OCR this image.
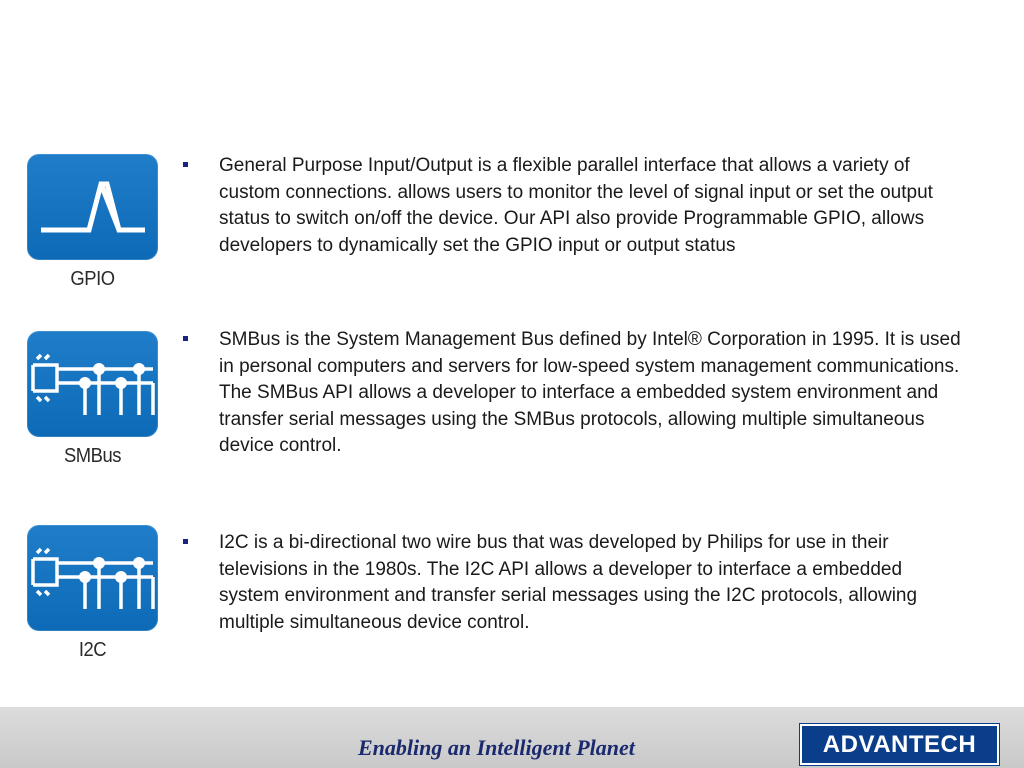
GPIO
SMBus
I2C
General Purpose Input/Output is a flexible parallel interface that allows a variety of custom connections. allows users to monitor the level of signal input or set the output status to switch on/off the device. Our API also provide Programmable GPIO, allows developers to dynamically set the GPIO input or output status
SMBus is the System Management Bus defined by Intel® Corporation in 1995. It is used in personal computers and servers for low-speed system management communications. The SMBus API allows a developer to interface a embedded system environment and transfer serial messages using the SMBus protocols, allowing multiple simultaneous device control.
I2C is a bi-directional two wire bus that was developed by Philips for use in their televisions in the 1980s. The I2C API allows a developer to interface a embedded system environment and transfer serial messages using the I2C protocols, allowing multiple simultaneous device control.
Enabling an Intelligent Planet	ADVANTECH
